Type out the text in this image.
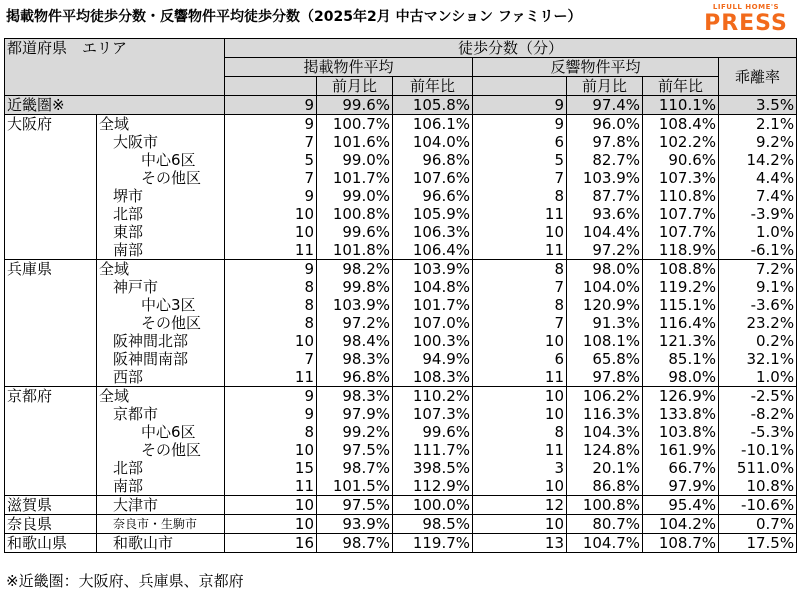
掲載物件平均徒歩分数・反響物件平均徒歩分数（2025年2月 中古マンション ファミリー）
LIFULL HOME'S
PRESS
都道府県　エリア		徒歩分数（分）						
		掲載物件平均			反響物件平均			乖離率
			前月比	前年比		前月比	前年比	
近畿圏※		9	99.6%	105.8%	9	97.4%	110.1%	3.5%
大阪府	全域	9	100.7%	106.1%	9	96.0%	108.4%	2.1%
	大阪市	7	101.6%	104.0%	6	97.8%	102.2%	9.2%
	中心6区	5	99.0%	96.8%	5	82.7%	90.6%	14.2%
	その他区	7	101.7%	107.6%	7	103.9%	107.3%	4.4%
	堺市	9	99.0%	96.6%	8	87.7%	110.8%	7.4%
	北部	10	100.8%	105.9%	11	93.6%	107.7%	-3.9%
	東部	10	99.6%	106.3%	10	104.4%	107.7%	1.0%
	南部	11	101.8%	106.4%	11	97.2%	118.9%	-6.1%
兵庫県	全域	9	98.2%	103.9%	8	98.0%	108.8%	7.2%
	神戸市	8	99.8%	104.8%	7	104.0%	119.2%	9.1%
	中心3区	8	103.9%	101.7%	8	120.9%	115.1%	-3.6%
	その他区	8	97.2%	107.0%	7	91.3%	116.4%	23.2%
	阪神間北部	10	98.4%	100.3%	10	108.1%	121.3%	0.2%
	阪神間南部	7	98.3%	94.9%	6	65.8%	85.1%	32.1%
	西部	11	96.8%	108.3%	11	97.8%	98.0%	1.0%
京都府	全域	9	98.3%	110.2%	10	106.2%	126.9%	-2.5%
	京都市	9	97.9%	107.3%	10	116.3%	133.8%	-8.2%
	中心6区	8	99.2%	99.6%	8	104.3%	103.8%	-5.3%
	その他区	10	97.5%	111.7%	11	124.8%	161.9%	-10.1%
	北部	15	98.7%	398.5%	3	20.1%	66.7%	511.0%
	南部	11	101.5%	112.9%	10	86.8%	97.9%	10.8%
滋賀県	大津市	10	97.5%	100.0%	12	100.8%	95.4%	-10.6%
奈良県	奈良市・生駒市	10	93.9%	98.5%	10	80.7%	104.2%	0.7%
和歌山県	和歌山市	16	98.7%	119.7%	13	104.7%	108.7%	17.5%
※近畿圏：大阪府、兵庫県、京都府
